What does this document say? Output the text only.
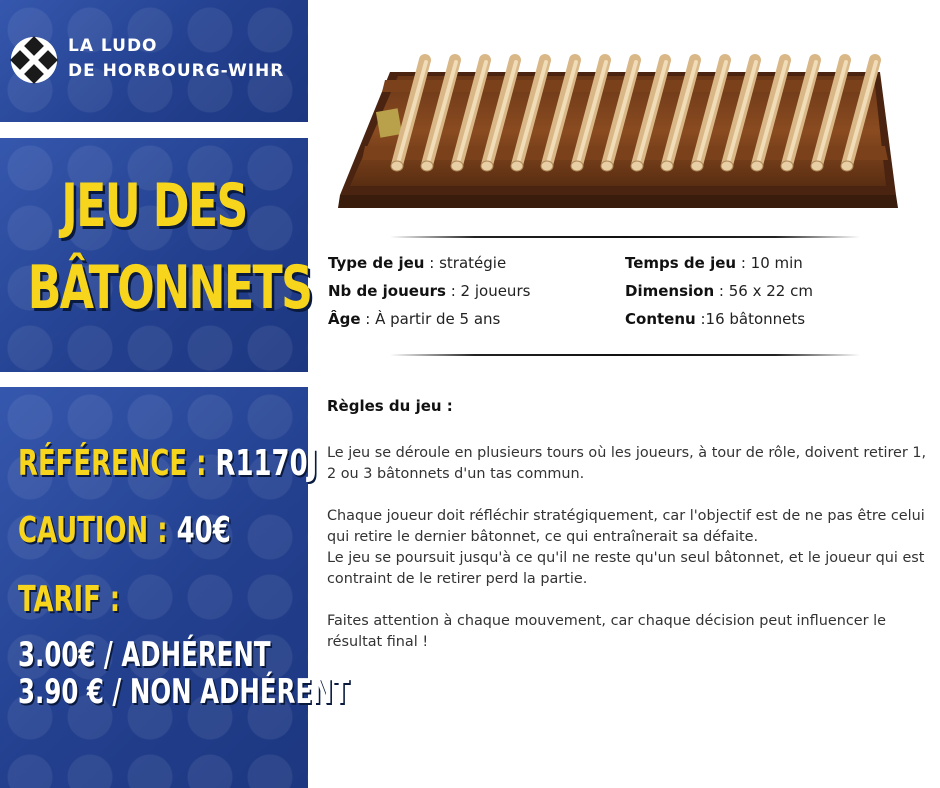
LA LUDO
DE HORBOURG-WIHR
JEU DES
BÂTONNETS
RÉFÉRENCE : R1170J
CAUTION : 40€
TARIF :
3.00€ / ADHÉRENT
3.90 € / NON ADHÉRENT
Type de jeu : stratégie
Nb de joueurs : 2 joueurs
Âge : À partir de 5 ans
Temps de jeu : 10 min
Dimension : 56 x 22 cm
Contenu :16 bâtonnets
Règles du jeu :
Le jeu se déroule en plusieurs tours où les joueurs, à tour de rôle, doivent retirer 1, 2 ou 3 bâtonnets d'un tas commun.
Chaque joueur doit réfléchir stratégiquement, car l'objectif est de ne pas être celui qui retire le dernier bâtonnet, ce qui entraînerait sa défaite.
Le jeu se poursuit jusqu'à ce qu'il ne reste qu'un seul bâtonnet, et le joueur qui est contraint de le retirer perd la partie.
Faites attention à chaque mouvement, car chaque décision peut influencer le résultat final !
